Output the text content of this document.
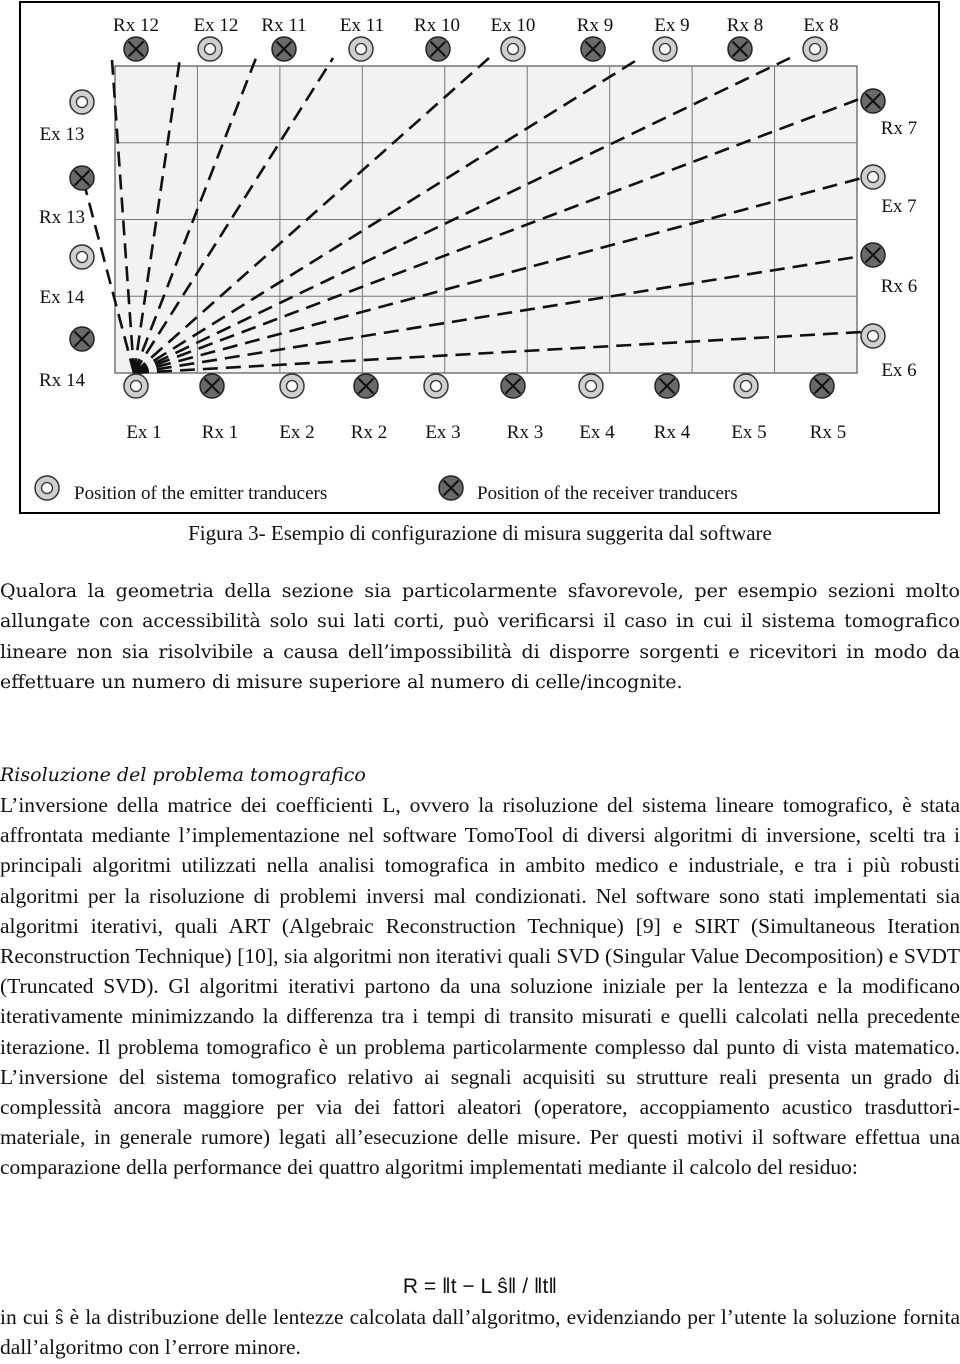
Rx 12 Ex 12 Rx 11 Ex 11 Rx 10 Ex 10 Rx 9 Ex 9 Rx 8 Ex 8
Ex 1 Rx 1 Ex 2 Rx 2 Ex 3 Rx 3 Ex 4 Rx 4 Ex 5 Rx 5
Ex 13
Rx 13
Ex 14
Rx 14
Rx 7
Ex 7
Rx 6
Ex 6
Position of the emitter tranducers	Position of the receiver tranducers
Figura 3- Esempio di configurazione di misura suggerita dal software

Qualora la geometria della sezione sia particolarmente sfavorevole, per esempio sezioni molto allungate con accessibilità solo sui lati corti, può verificarsi il caso in cui il sistema tomografico lineare non sia risolvibile a causa dell’impossibilità di disporre sorgenti e ricevitori in modo da effettuare un numero di misure superiore al numero di celle/incognite.

Risoluzione del problema tomografico

L’inversione della matrice dei coefficienti L, ovvero la risoluzione del sistema lineare tomografico, è stata affrontata mediante l’implementazione nel software TomoTool di diversi algoritmi di inversione, scelti tra i principali algoritmi utilizzati nella analisi tomografica in ambito medico e industriale, e tra i più robusti algoritmi per la risoluzione di problemi inversi mal condizionati. Nel software sono stati implementati sia algoritmi iterativi, quali ART (Algebraic Reconstruction Technique) [9] e SIRT (Simultaneous Iteration Reconstruction Technique) [10], sia algoritmi non iterativi quali SVD (Singular Value Decomposition) e SVDT (Truncated SVD). Gl algoritmi iterativi partono da una soluzione iniziale per la lentezza e la modificano iterativamente minimizzando la differenza tra i tempi di transito misurati e quelli calcolati nella precedente iterazione. Il problema tomografico è un problema particolarmente complesso dal punto di vista matematico. L’inversione del sistema tomografico relativo ai segnali acquisiti su strutture reali presenta un grado di complessità ancora maggiore per via dei fattori aleatori (operatore, accoppiamento acustico trasduttori-materiale, in generale rumore) legati all’esecuzione delle misure. Per questi motivi il software effettua una comparazione della performance dei quattro algoritmi implementati mediante il calcolo del residuo:

R = ǁt − L ŝǁ / ǁtǁ

in cui ŝ è la distribuzione delle lentezze calcolata dall’algoritmo, evidenziando per l’utente la soluzione fornita dall’algoritmo con l’errore minore.
